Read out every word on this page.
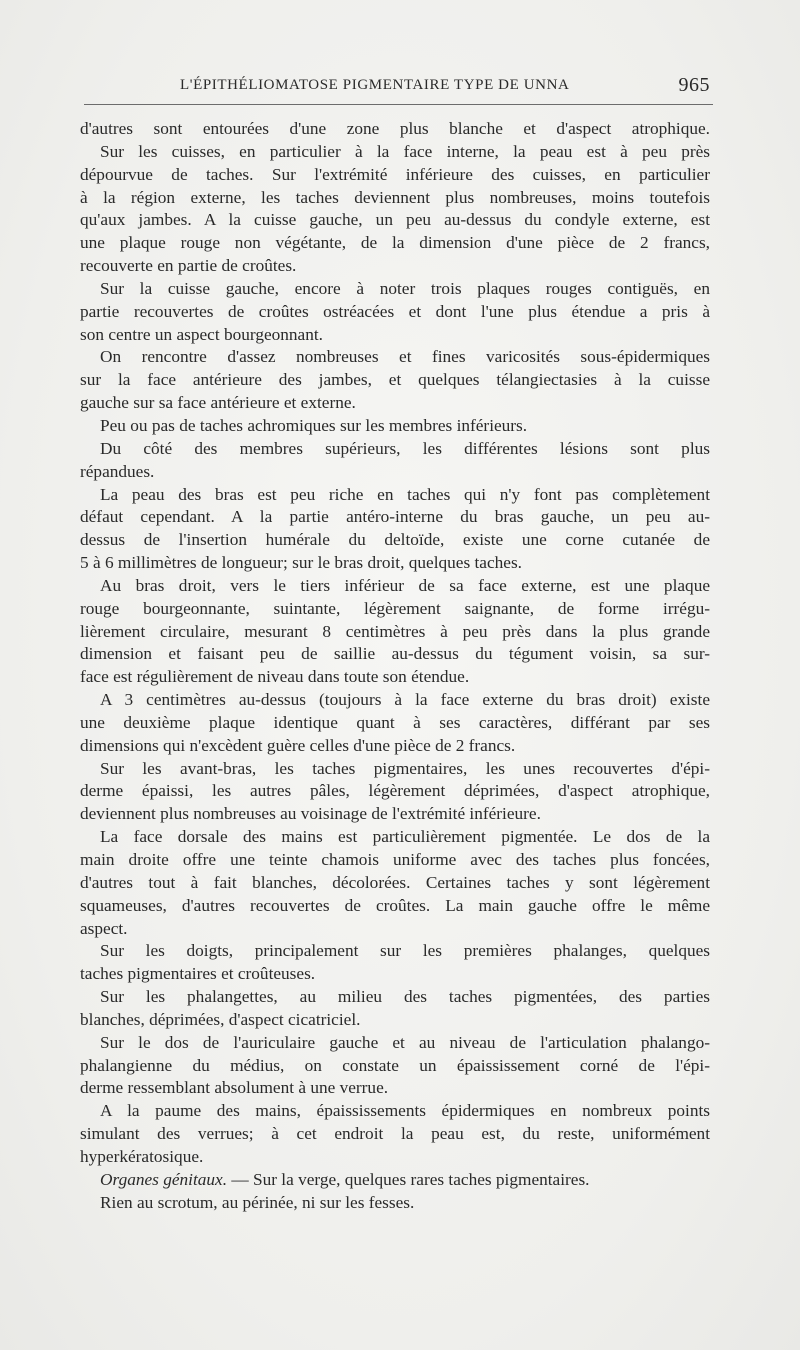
L'ÉPITHÉLIOMATOSE PIGMENTAIRE TYPE DE UNNA	965
d'autres sont entourées d'une zone plus blanche et d'aspect atrophique.
Sur les cuisses, en particulier à la face interne, la peau est à peu près
dépourvue de taches. Sur l'extrémité inférieure des cuisses, en particulier
à la région externe, les taches deviennent plus nombreuses, moins toutefois
qu'aux jambes. A la cuisse gauche, un peu au-dessus du condyle externe, est
une plaque rouge non végétante, de la dimension d'une pièce de 2 francs,
recouverte en partie de croûtes.
Sur la cuisse gauche, encore à noter trois plaques rouges contiguës, en
partie recouvertes de croûtes ostréacées et dont l'une plus étendue a pris à
son centre un aspect bourgeonnant.
On rencontre d'assez nombreuses et fines varicosités sous-épidermiques
sur la face antérieure des jambes, et quelques télangiectasies à la cuisse
gauche sur sa face antérieure et externe.
Peu ou pas de taches achromiques sur les membres inférieurs.
Du côté des membres supérieurs, les différentes lésions sont plus
répandues.
La peau des bras est peu riche en taches qui n'y font pas complètement
défaut cependant. A la partie antéro-interne du bras gauche, un peu au-
dessus de l'insertion humérale du deltoïde, existe une corne cutanée de
5 à 6 millimètres de longueur; sur le bras droit, quelques taches.
Au bras droit, vers le tiers inférieur de sa face externe, est une plaque
rouge bourgeonnante, suintante, légèrement saignante, de forme irrégu-
lièrement circulaire, mesurant 8 centimètres à peu près dans la plus grande
dimension et faisant peu de saillie au-dessus du tégument voisin, sa sur-
face est régulièrement de niveau dans toute son étendue.
A 3 centimètres au-dessus (toujours à la face externe du bras droit) existe
une deuxième plaque identique quant à ses caractères, différant par ses
dimensions qui n'excèdent guère celles d'une pièce de 2 francs.
Sur les avant-bras, les taches pigmentaires, les unes recouvertes d'épi-
derme épaissi, les autres pâles, légèrement déprimées, d'aspect atrophique,
deviennent plus nombreuses au voisinage de l'extrémité inférieure.
La face dorsale des mains est particulièrement pigmentée. Le dos de la
main droite offre une teinte chamois uniforme avec des taches plus foncées,
d'autres tout à fait blanches, décolorées. Certaines taches y sont légèrement
squameuses, d'autres recouvertes de croûtes. La main gauche offre le même
aspect.
Sur les doigts, principalement sur les premières phalanges, quelques
taches pigmentaires et croûteuses.
Sur les phalangettes, au milieu des taches pigmentées, des parties
blanches, déprimées, d'aspect cicatriciel.
Sur le dos de l'auriculaire gauche et au niveau de l'articulation phalango-
phalangienne du médius, on constate un épaississement corné de l'épi-
derme ressemblant absolument à une verrue.
A la paume des mains, épaississements épidermiques en nombreux points
simulant des verrues; à cet endroit la peau est, du reste, uniformément
hyperkératosique.
Organes génitaux. — Sur la verge, quelques rares taches pigmentaires.
Rien au scrotum, au périnée, ni sur les fesses.
